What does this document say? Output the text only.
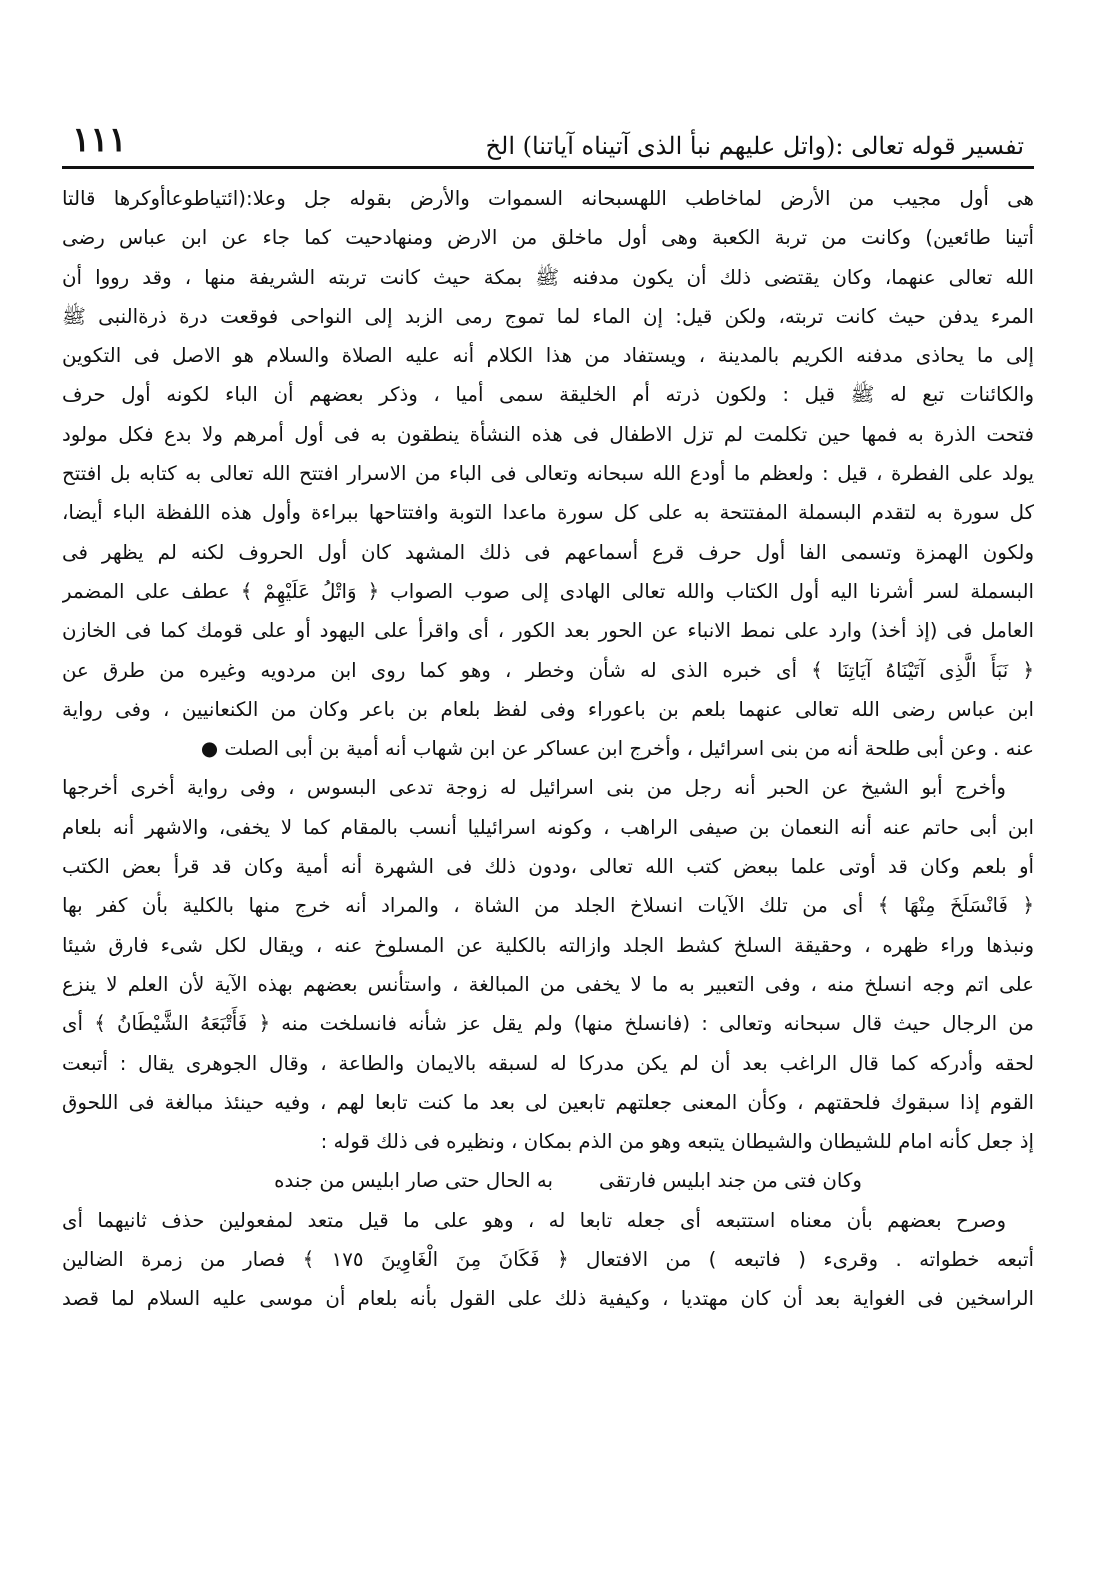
تفسير قوله تعالى :(واتل عليهم نبأ الذى آتيناه آياتنا) الخ
١١١
هى أول مجيب من الأرض لماخاطب اللهسبحانه السموات والأرض بقوله جل وعلا:(ائتياطوعاأوكرها قالتا
أتينا طائعين) وكانت من تربة الكعبة وهى أول ماخلق من الارض ومنهادحيت كما جاء عن ابن عباس رضى
الله تعالى عنهما، وكان يقتضى ذلك أن يكون مدفنه ﷺ بمكة حيث كانت تربته الشريفة منها ، وقد رووا أن
المرء يدفن حيث كانت تربته، ولكن قيل: إن الماء لما تموج رمى الزبد إلى النواحى فوقعت درة ذرةالنبى ﷺ
إلى ما يحاذى مدفنه الكريم بالمدينة ، ويستفاد من هذا الكلام أنه عليه الصلاة والسلام هو الاصل فى التكوين
والكائنات تبع له ﷺ قيل : ولكون ذرته أم الخليقة سمى أميا ، وذكر بعضهم أن الباء لكونه أول حرف
فتحت الذرة به فمها حين تكلمت لم تزل الاطفال فى هذه النشأة ينطقون به فى أول أمرهم ولا بدع فكل مولود
يولد على الفطرة ، قيل : ولعظم ما أودع الله سبحانه وتعالى فى الباء من الاسرار افتتح الله تعالى به كتابه بل افتتح
كل سورة به لتقدم البسملة المفتتحة به على كل سورة ماعدا التوبة وافتتاحها ببراءة وأول هذه اللفظة الباء أيضا،
ولكون الهمزة وتسمى الفا أول حرف قرع أسماعهم فى ذلك المشهد كان أول الحروف لكنه لم يظهر فى
البسملة لسر أشرنا اليه أول الكتاب والله تعالى الهادى إلى صوب الصواب ﴿ وَاتْلُ عَلَيْهِمْ ﴾ عطف على المضمر
العامل فى (إذ أخذ) وارد على نمط الانباء عن الحور بعد الكور ، أى واقرأ على اليهود أو على قومك كما فى الخازن
﴿ نَبَأَ الَّذِى آتَيْنَاهُ آيَاتِنَا ﴾ أى خبره الذى له شأن وخطر ، وهو كما روى ابن مردويه وغيره من طرق عن
ابن عباس رضى الله تعالى عنهما بلعم بن باعوراء وفى لفظ بلعام بن باعر وكان من الكنعانيين ، وفى رواية
عنه . وعن أبى طلحة أنه من بنى اسرائيل ، وأخرج ابن عساكر عن ابن شهاب أنه أمية بن أبى الصلت ●
وأخرج أبو الشيخ عن الحبر أنه رجل من بنى اسرائيل له زوجة تدعى البسوس ، وفى رواية أخرى أخرجها
ابن أبى حاتم عنه أنه النعمان بن صيفى الراهب ، وكونه اسرائيليا أنسب بالمقام كما لا يخفى، والاشهر أنه بلعام
أو بلعم وكان قد أوتى علما ببعض كتب الله تعالى ،ودون ذلك فى الشهرة أنه أمية وكان قد قرأ بعض الكتب
﴿ فَانْسَلَخَ مِنْهَا ﴾ أى من تلك الآيات انسلاخ الجلد من الشاة ، والمراد أنه خرج منها بالكلية بأن كفر بها
ونبذها وراء ظهره ، وحقيقة السلخ كشط الجلد وازالته بالكلية عن المسلوخ عنه ، ويقال لكل شىء فارق شيئا
على اتم وجه انسلخ منه ، وفى التعبير به ما لا يخفى من المبالغة ، واستأنس بعضهم بهذه الآية لأن العلم لا ينزع
من الرجال حيث قال سبحانه وتعالى : (فانسلخ منها) ولم يقل عز شأنه فانسلخت منه ﴿ فَأَتْبَعَهُ الشَّيْطَانُ ﴾ أى
لحقه وأدركه كما قال الراغب بعد أن لم يكن مدركا له لسبقه بالايمان والطاعة ، وقال الجوهرى يقال : أتبعت
القوم إذا سبقوك فلحقتهم ، وكأن المعنى جعلتهم تابعين لى بعد ما كنت تابعا لهم ، وفيه حينئذ مبالغة فى اللحوق
إذ جعل كأنه امام للشيطان والشيطان يتبعه وهو من الذم بمكان ، ونظيره فى ذلك قوله :
وكان فتى من جند ابليس فارتقى
به الحال حتى صار ابليس من جنده
وصرح بعضهم بأن معناه استتبعه أى جعله تابعا له ، وهو على ما قيل متعد لمفعولين حذف ثانيهما أى
أتبعه خطواته . وقرىء ( فاتبعه ) من الافتعال ﴿ فَكَانَ مِنَ الْغَاوِينَ ١٧٥ ﴾ فصار من زمرة الضالين
الراسخين فى الغواية بعد أن كان مهتديا ، وكيفية ذلك على القول بأنه بلعام أن موسى عليه السلام لما قصد
